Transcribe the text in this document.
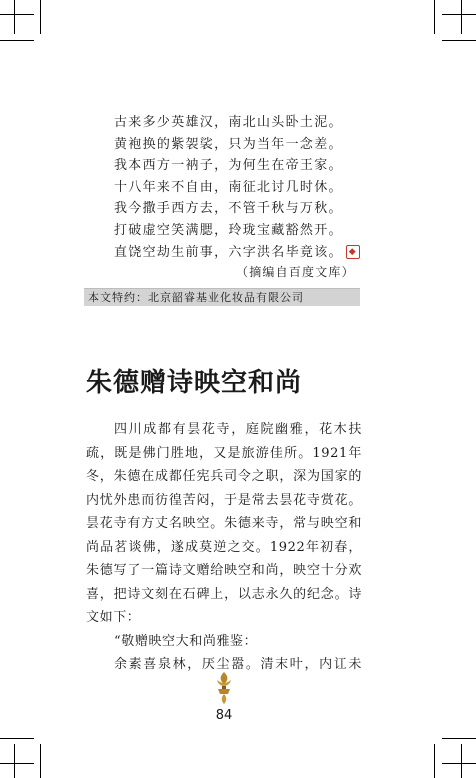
古来多少英雄汉，南北山头卧土泥。
黄袍换的紫袈裟，只为当年一念差。
我本西方一衲子，为何生在帝王家。
十八年来不自由，南征北讨几时休。
我今撒手西方去，不管千秋与万秋。
打破虚空笑满腮，玲珑宝藏豁然开。
直饶空劫生前事，六字洪名毕竟该。 ◆
（摘编自百度文库）
本文特约：北京韶睿基业化妆品有限公司
朱德赠诗映空和尚

四川成都有昙花寺，庭院幽雅，花木扶

疏，既是佛门胜地，又是旅游佳所。1921年

冬，朱德在成都任宪兵司令之职，深为国家的

内忧外患而彷徨苦闷，于是常去昙花寺赏花。

昙花寺有方丈名映空。朱德来寺，常与映空和

尚品茗谈佛，遂成莫逆之交。1922年初春，

朱德写了一篇诗文赠给映空和尚，映空十分欢

喜，把诗文刻在石碑上，以志永久的纪念。诗

文如下：

“敬赠映空大和尚雅鉴：

余素喜泉林，厌尘嚣。清末叶，内讧未

84
